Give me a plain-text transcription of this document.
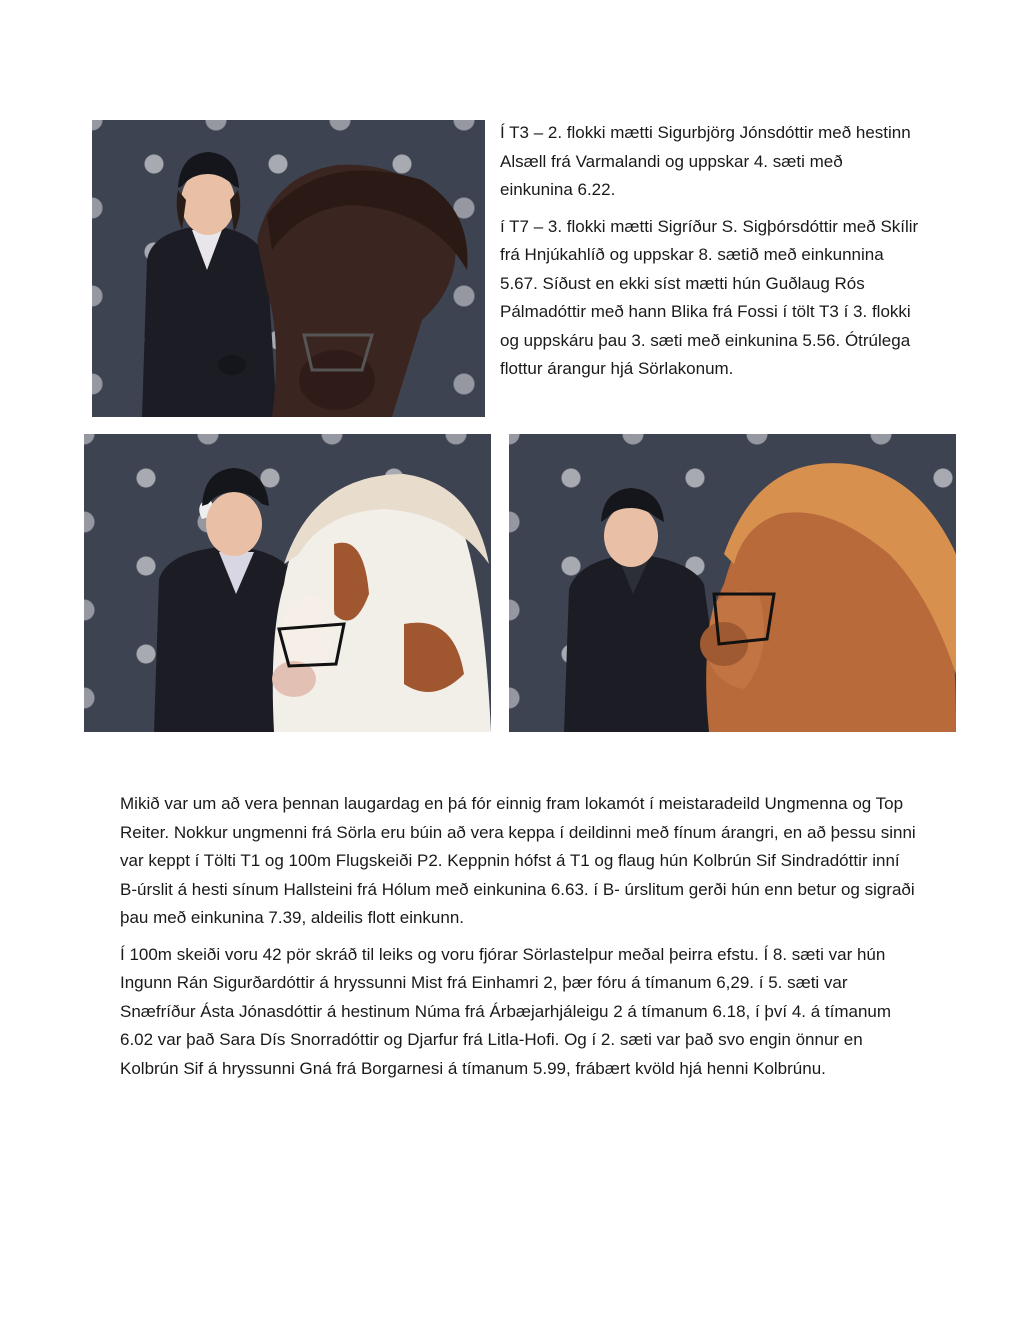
Í T3 – 2. flokki mætti Sigurbjörg Jónsdóttir með hestinn Alsæll frá Varmalandi og uppskar 4. sæti með einkunina 6.22.

í T7 – 3. flokki mætti Sigríður S. Sigþórsdóttir með Skílir frá Hnjúkahlíð og uppskar 8. sætið með einkunnina 5.67. Síðust en ekki síst mætti hún Guðlaug Rós Pálmadóttir með hann Blika frá Fossi í tölt T3 í 3. flokki og uppskáru þau 3. sæti með einkunina 5.56. Ótrúlega flottur árangur hjá Sörlakonum.

Mikið var um að vera þennan laugardag en þá fór einnig fram lokamót í meistaradeild Ungmenna og Top Reiter. Nokkur ungmenni frá Sörla eru búin að vera keppa í deildinni með fínum árangri, en að þessu sinni var keppt í Tölti T1 og 100m Flugskeiði P2. Keppnin hófst á T1 og flaug hún Kolbrún Sif Sindradóttir inní B-úrslit á hesti sínum Hallsteini frá Hólum með einkunina 6.63. í B- úrslitum gerði hún enn betur og sigraði þau með einkunina 7.39, aldeilis flott einkunn.

Í 100m skeiði voru 42 pör skráð til leiks og voru fjórar Sörlastelpur meðal þeirra efstu. Í 8. sæti var hún Ingunn Rán Sigurðardóttir á hryssunni Mist frá Einhamri 2, þær fóru á tímanum 6,29. í 5. sæti var Snæfríður Ásta Jónasdóttir á hestinum Núma frá Árbæjarhjáleigu 2 á tímanum 6.18, í því 4. á tímanum 6.02 var það Sara Dís Snorradóttir og Djarfur frá Litla-Hofi. Og í 2. sæti var það svo engin önnur en Kolbrún Sif á hryssunni Gná frá Borgarnesi á tímanum 5.99, frábært kvöld hjá henni Kolbrúnu.
